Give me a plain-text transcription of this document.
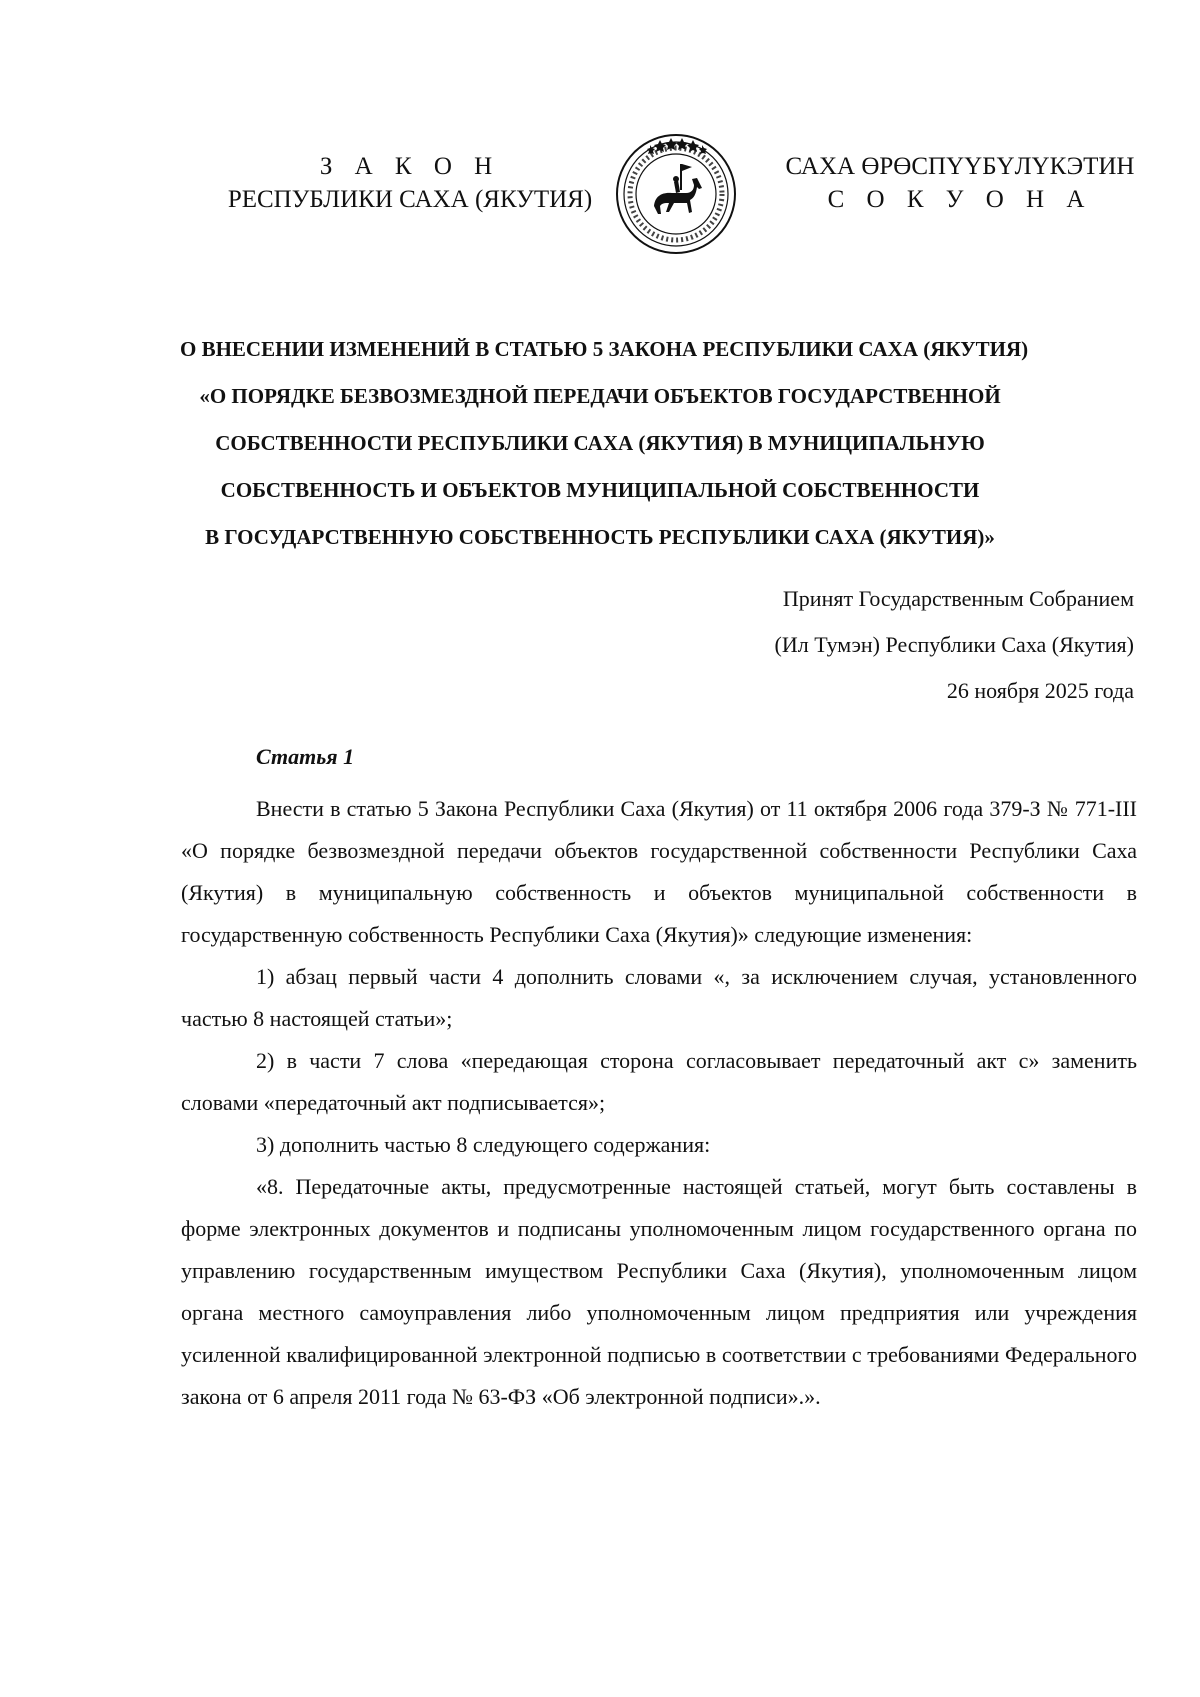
З А К О Н
РЕСПУБЛИКИ САХА (ЯКУТИЯ)
САХА ӨРӨСПҮҮБҮЛҮКЭТИН
С О К У О Н А
О ВНЕСЕНИИ ИЗМЕНЕНИЙ В СТАТЬЮ 5 ЗАКОНА РЕСПУБЛИКИ САХА (ЯКУТИЯ)
«О ПОРЯДКЕ БЕЗВОЗМЕЗДНОЙ ПЕРЕДАЧИ ОБЪЕКТОВ ГОСУДАРСТВЕННОЙ
СОБСТВЕННОСТИ РЕСПУБЛИКИ САХА (ЯКУТИЯ) В МУНИЦИПАЛЬНУЮ
СОБСТВЕННОСТЬ И ОБЪЕКТОВ МУНИЦИПАЛЬНОЙ СОБСТВЕННОСТИ
В ГОСУДАРСТВЕННУЮ СОБСТВЕННОСТЬ РЕСПУБЛИКИ САХА (ЯКУТИЯ)»
Принят Государственным Собранием
(Ил Тумэн) Республики Саха (Якутия)
26 ноября 2025 года
Статья 1

Внести в статью 5 Закона Республики Саха (Якутия) от 11 октября 2006 года 379-З № 771-III «О порядке безвозмездной передачи объектов государственной собственности Республики Саха (Якутия) в муниципальную собственность и объектов муниципальной собственности в государственную собственность Республики Саха (Якутия)» следующие изменения:

1) абзац первый части 4 дополнить словами «, за исключением случая, установленного частью 8 настоящей статьи»;

2) в части 7 слова «передающая сторона согласовывает передаточный акт с» заменить словами «передаточный акт подписывается»;

3) дополнить частью 8 следующего содержания:

«8. Передаточные акты, предусмотренные настоящей статьей, могут быть составлены в форме электронных документов и подписаны уполномоченным лицом государственного органа по управлению государственным имуществом Республики Саха (Якутия), уполномоченным лицом органа местного самоуправления либо уполномоченным лицом предприятия или учреждения усиленной квалифицированной электронной подписью в соответствии с требованиями Федерального закона от 6 апреля 2011 года № 63-ФЗ «Об электронной подписи».».
